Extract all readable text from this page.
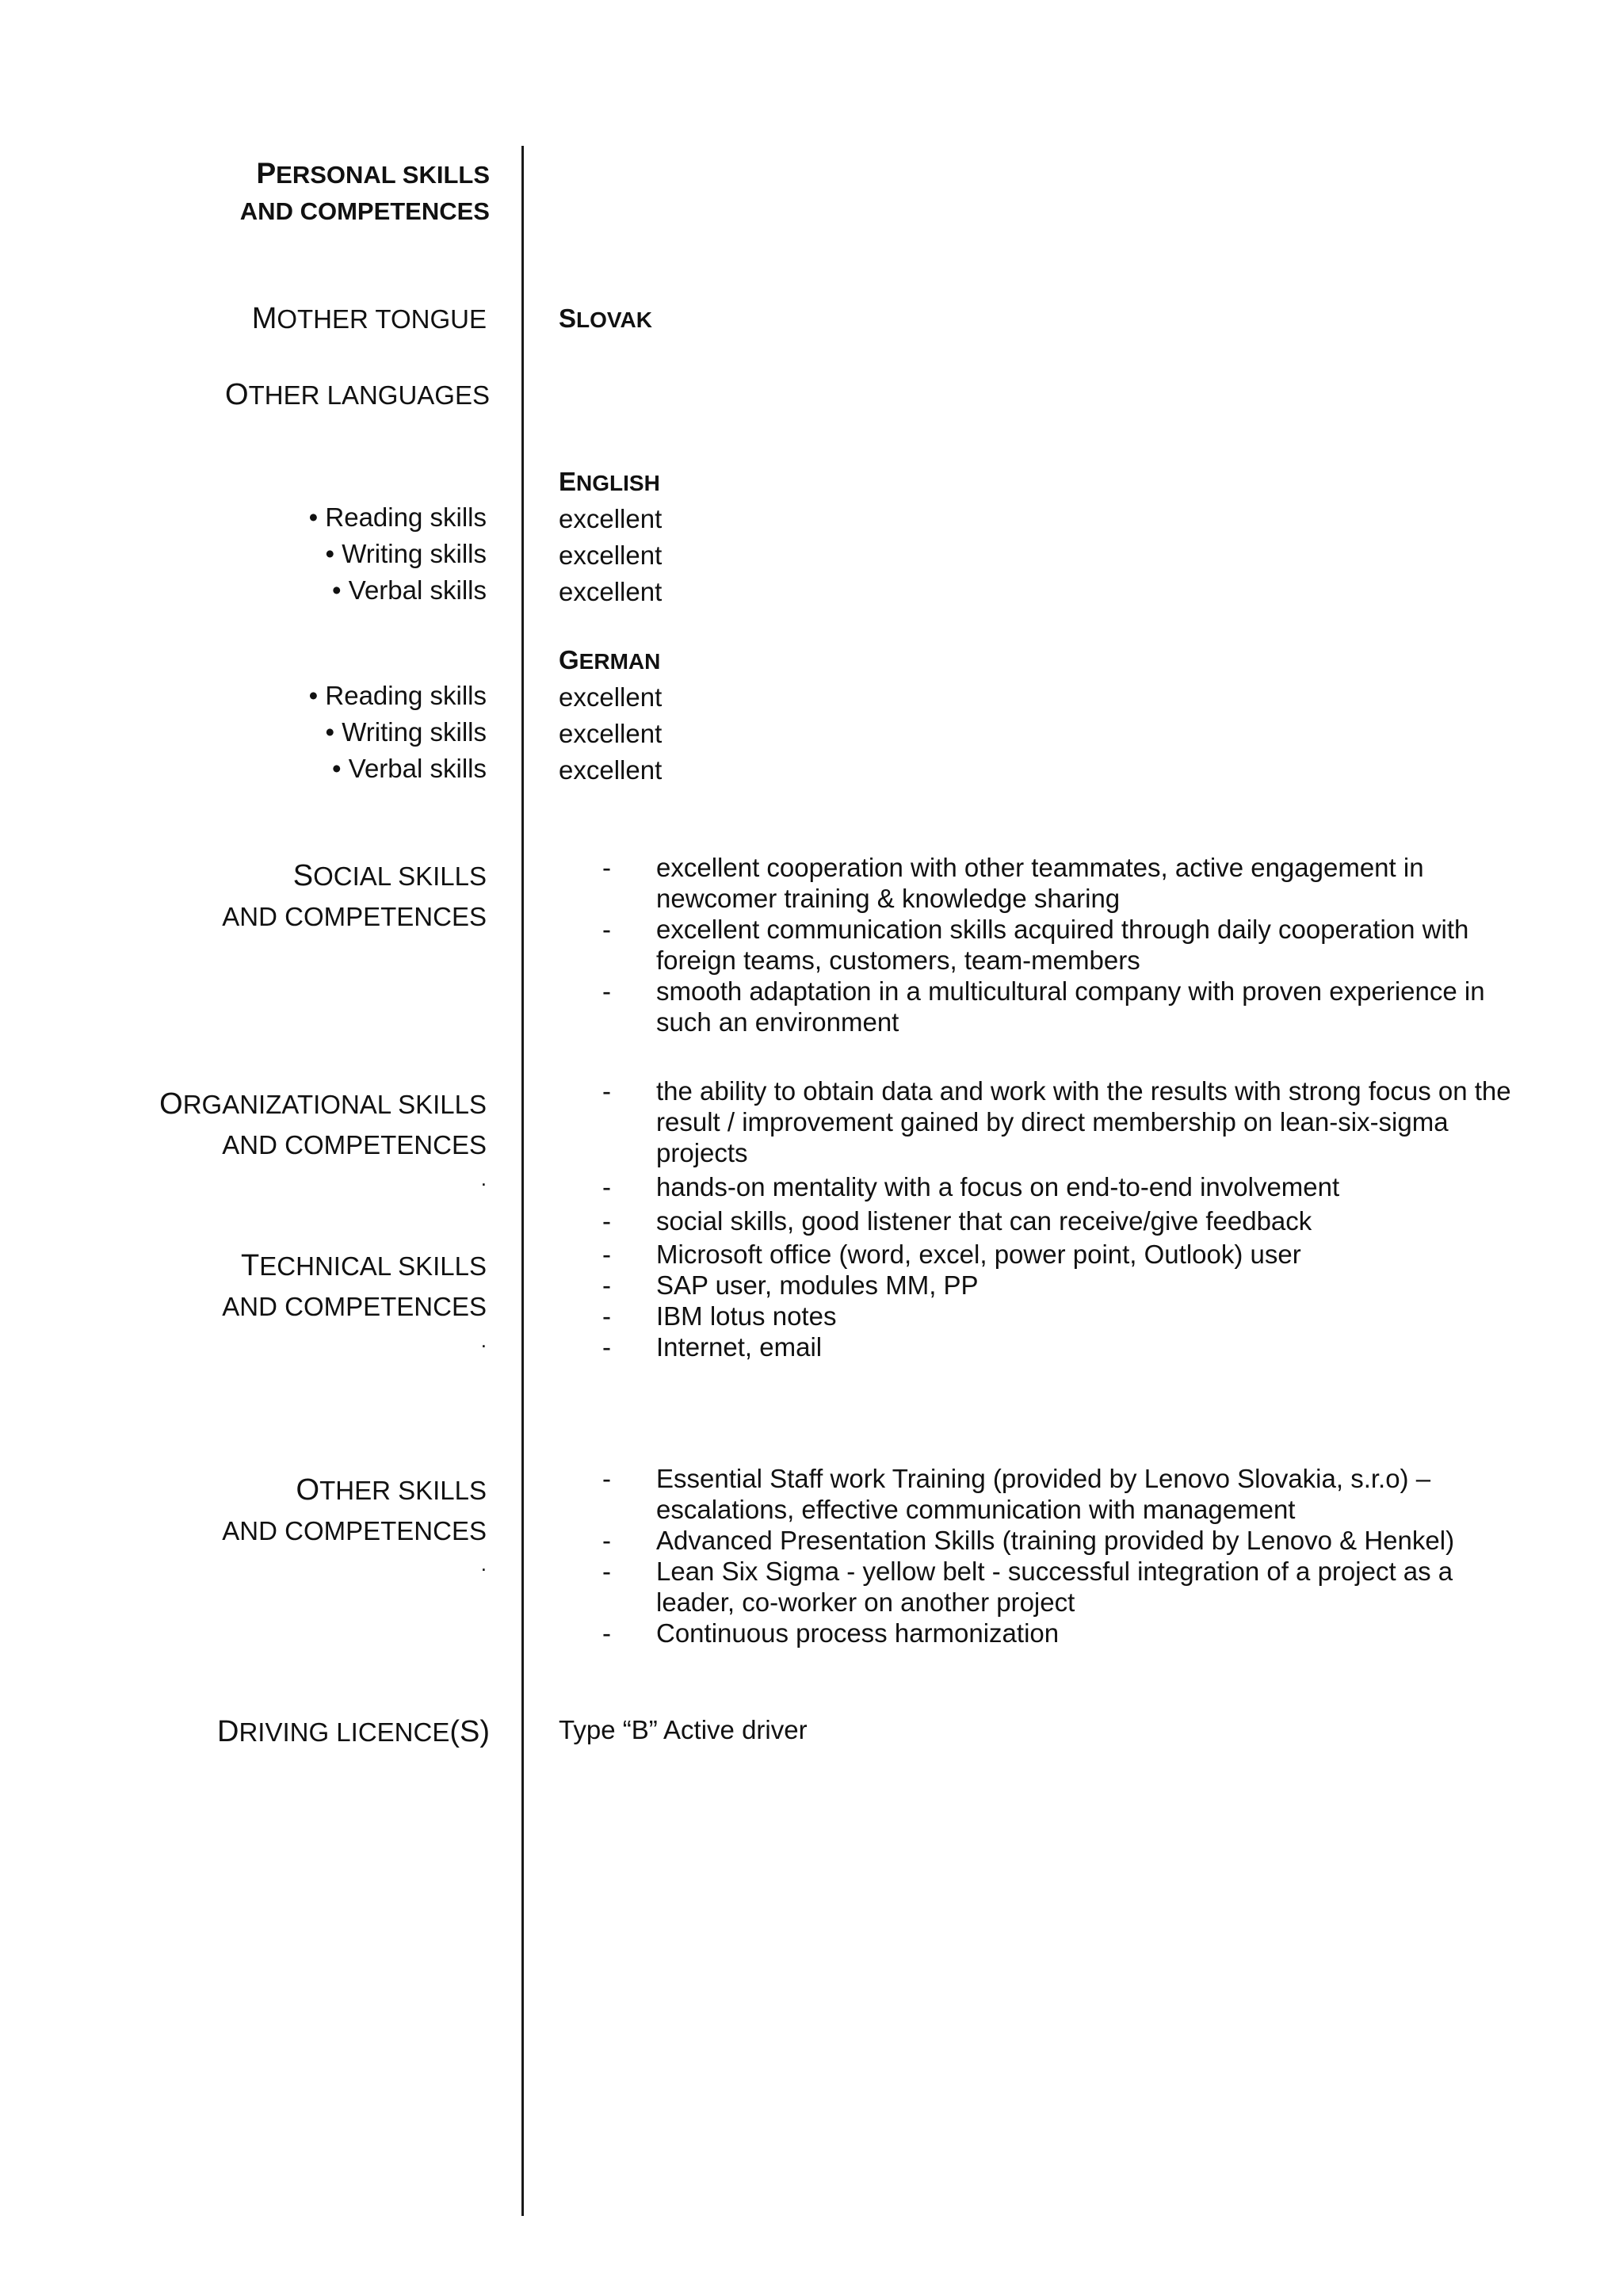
PERSONAL SKILLS
AND COMPETENCES
MOTHER TONGUE	SLOVAK
OTHER LANGUAGES
ENGLISH
• Reading skills	excellent
• Writing skills	excellent
• Verbal skills	excellent
GERMAN
• Reading skills	excellent
• Writing skills	excellent
• Verbal skills	excellent
SOCIAL SKILLS
AND COMPETENCES
- excellent cooperation with other teammates, active engagement in newcomer training & knowledge sharing
- excellent communication skills acquired through daily cooperation with foreign teams, customers, team-members
- smooth adaptation in a multicultural company with proven experience in such an environment
ORGANIZATIONAL SKILLS
AND COMPETENCES
.
- the ability to obtain data and work with the results with strong focus on the result / improvement gained by direct membership on lean-six-sigma projects
- hands-on mentality with a focus on end-to-end involvement
- social skills, good listener that can receive/give feedback
TECHNICAL SKILLS
AND COMPETENCES
.
- Microsoft office (word, excel, power point, Outlook) user
- SAP user, modules MM, PP
- IBM lotus notes
- Internet, email
OTHER SKILLS
AND COMPETENCES
.
- Essential Staff work Training (provided by Lenovo Slovakia, s.r.o) – escalations, effective communication with management
- Advanced Presentation Skills (training provided by Lenovo & Henkel)
- Lean Six Sigma - yellow belt - successful integration of a project as a leader, co-worker on another project
- Continuous process harmonization
DRIVING LICENCE(S)	Type “B” Active driver
